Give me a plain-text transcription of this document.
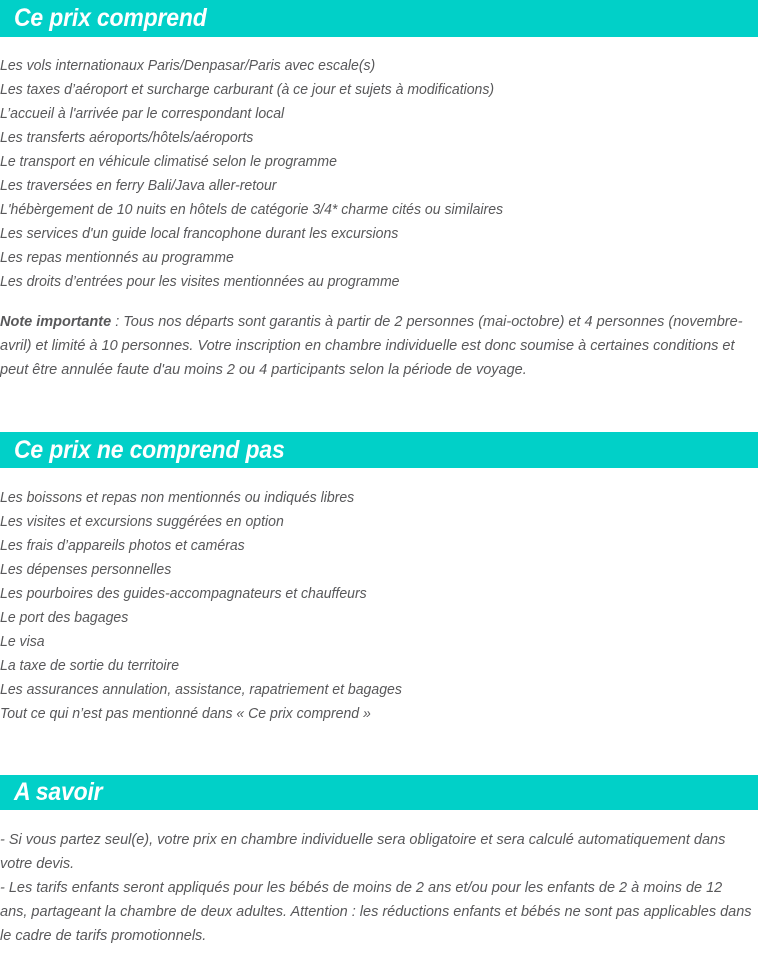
Ce prix comprend
Les vols internationaux Paris/Denpasar/Paris avec escale(s)
Les taxes d’aéroport et surcharge carburant (à ce jour et sujets à modifications)
L’accueil à l'arrivée par le correspondant local
Les transferts aéroports/hôtels/aéroports
Le transport en véhicule climatisé selon le programme
Les traversées en ferry Bali/Java aller-retour
L'hébèrgement de 10 nuits en hôtels de catégorie 3/4* charme cités ou similaires
Les services d'un guide local francophone durant les excursions
Les repas mentionnés au programme
Les droits d’entrées pour les visites mentionnées au programme

Note importante : Tous nos départs sont garantis à partir de 2 personnes (mai-octobre) et 4 personnes (novembre-avril) et limité à 10 personnes. Votre inscription en chambre individuelle est donc soumise à certaines conditions et peut être annulée faute d'au moins 2 ou 4 participants selon la période de voyage.

Ce prix ne comprend pas
Les boissons et repas non mentionnés ou indiqués libres
Les visites et excursions suggérées en option
Les frais d’appareils photos et caméras
Les dépenses personnelles
Les pourboires des guides-accompagnateurs et chauffeurs
Le port des bagages
Le visa
La taxe de sortie du territoire
Les assurances annulation, assistance, rapatriement et bagages
Tout ce qui n’est pas mentionné dans « Ce prix comprend »
A savoir

- Si vous partez seul(e), votre prix en chambre individuelle sera obligatoire et sera calculé automatiquement dans votre devis.

- Les tarifs enfants seront appliqués pour les bébés de moins de 2 ans et/ou pour les enfants de 2 à moins de 12 ans, partageant la chambre de deux adultes. Attention : les réductions enfants et bébés ne sont pas applicables dans le cadre de tarifs promotionnels.
